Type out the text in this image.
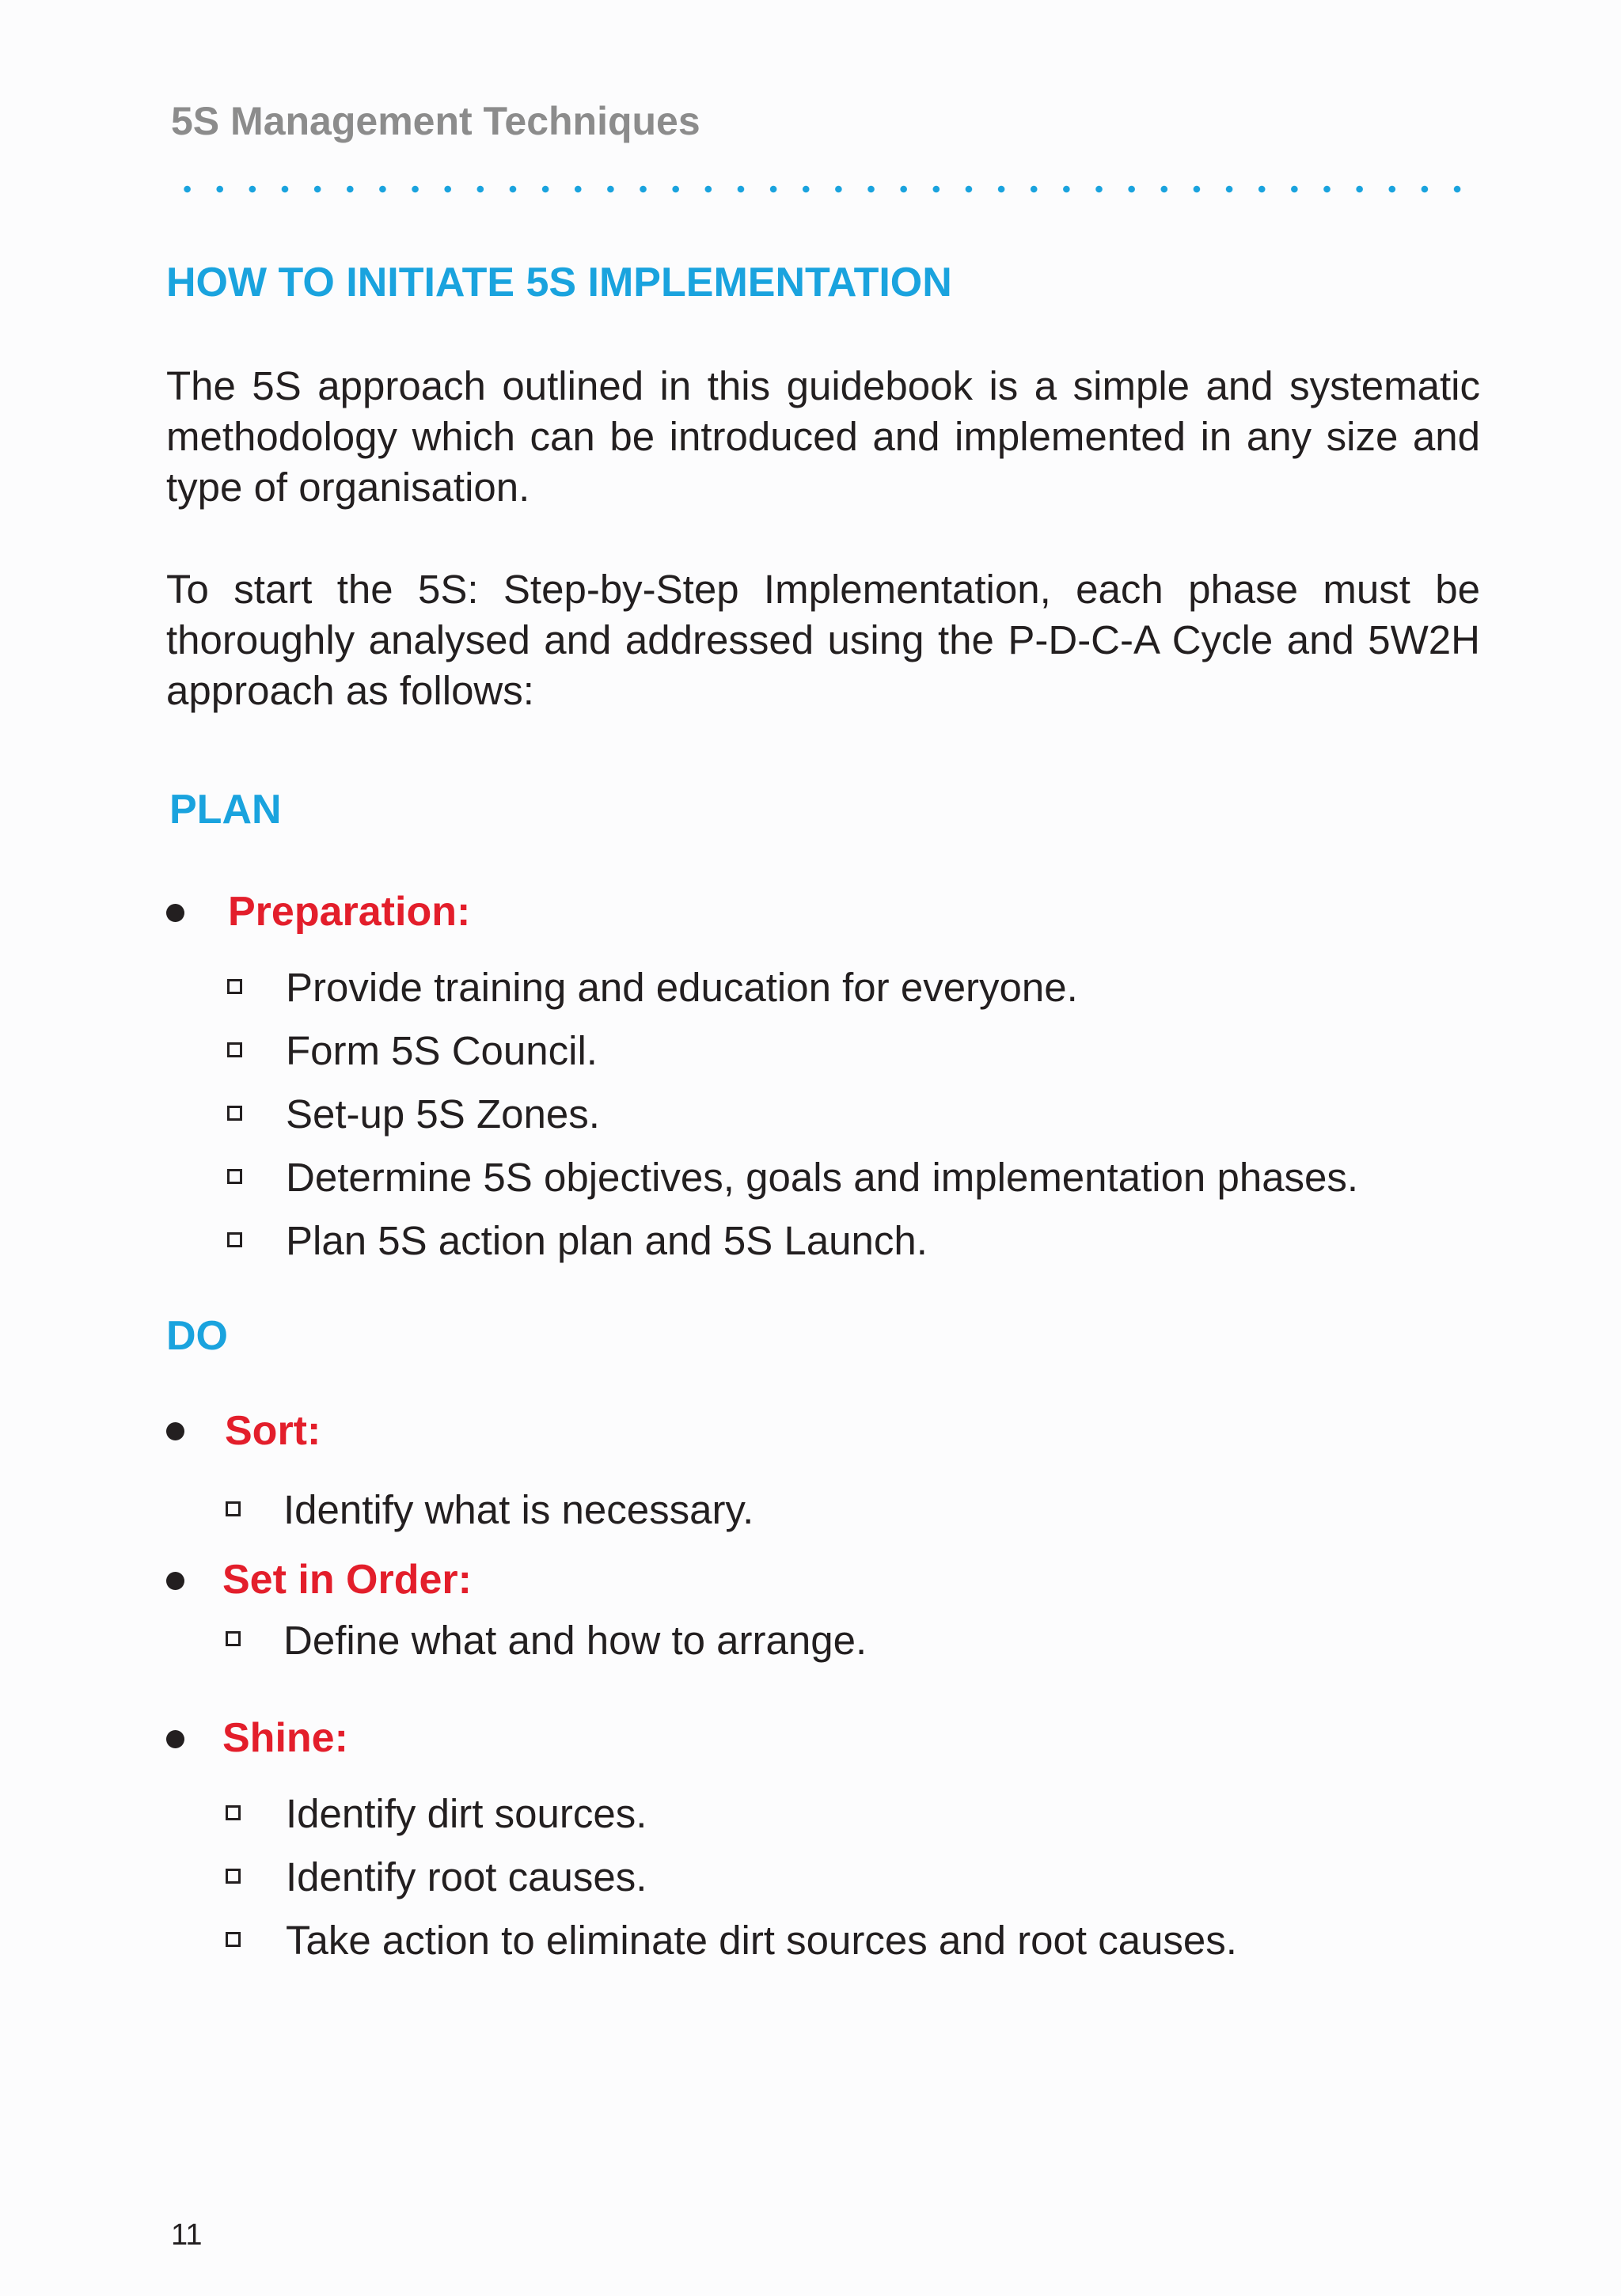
5S Management Techniques
HOW TO INITIATE 5S IMPLEMENTATION

The 5S approach outlined in this guidebook is a simple and systematic methodology which can be introduced and implemented in any size and type of organisation.

To start the 5S: Step-by-Step Implementation, each phase must be thoroughly analysed and addressed using the P-D-C-A Cycle and 5W2H approach as follows:

PLAN
Preparation:
Provide training and education for everyone.
Form 5S Council.
Set-up 5S Zones.
Determine 5S objectives, goals and implementation phases.
Plan 5S action plan and 5S Launch.
DO
Sort:
Identify what is necessary.
Set in Order:
Define what and how to arrange.
Shine:
Identify dirt sources.
Identify root causes.
Take action to eliminate dirt sources and root causes.
11
